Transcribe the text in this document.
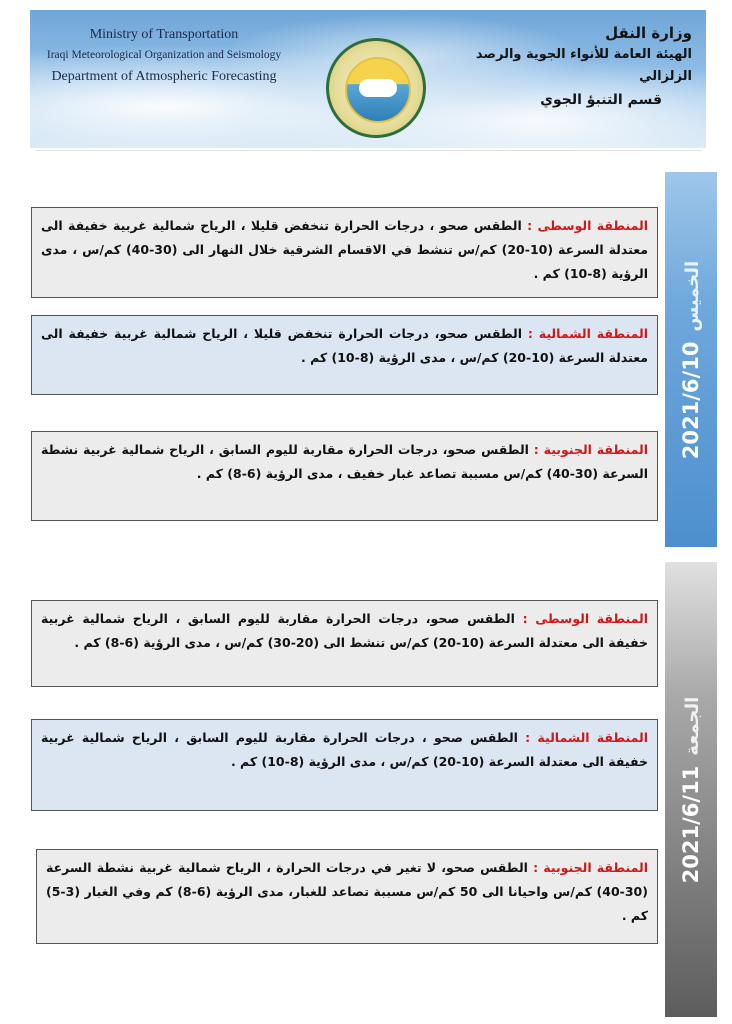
Ministry of Transportation
Iraqi Meteorological Organization and Seismology
Department of Atmospheric Forecasting
وزارة النقل
الهيئة العامة للأنواء الجوية والرصد الزلزالي
قسم التنبؤ الجوي
2021/6/10الخميس
المنطقة الوسطى : الطقس صحو ، درجات الحرارة تنخفض قليلا ، الرياح شمالية غربية خفيفة الى معتدلة السرعة (10-20) كم/س تنشط في الاقسام الشرقية خلال النهار الى (30-40) كم/س ، مدى الرؤية (8-10) كم .
المنطقة الشمالية : الطقس صحو، درجات الحرارة تنخفض قليلا ، الرياح شمالية غربية خفيفة الى معتدلة السرعة (10-20) كم/س ، مدى الرؤية (8-10) كم .
المنطقة الجنوبية : الطقس صحو، درجات الحرارة مقاربة لليوم السابق ، الرياح شمالية غربية نشطة السرعة (30-40) كم/س مسببة تصاعد غبار خفيف ، مدى الرؤية (6-8) كم .
2021/6/11الجمعة
المنطقة الوسطى : الطقس صحو، درجات الحرارة مقاربة لليوم السابق ، الرياح شمالية غربية خفيفة الى معتدلة السرعة (10-20) كم/س تنشط الى (20-30) كم/س ، مدى الرؤية (6-8) كم .
المنطقة الشمالية : الطقس صحو ، درجات الحرارة مقاربة لليوم السابق ، الرياح شمالية غربية خفيفة الى معتدلة السرعة (10-20) كم/س ، مدى الرؤية (8-10) كم .
المنطقة الجنوبية : الطقس صحو، لا تغير في درجات الحرارة ، الرياح شمالية غربية نشطة السرعة (30-40) كم/س واحيانا الى 50 كم/س مسببة تصاعد للغبار، مدى الرؤية (6-8) كم وفي الغبار (3-5) كم .
